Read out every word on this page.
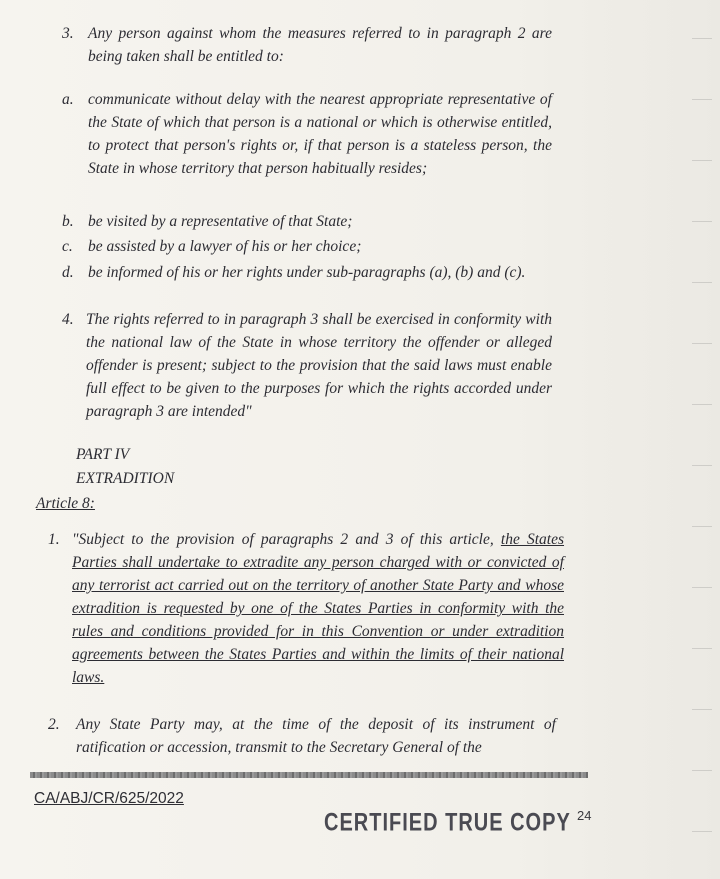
3. Any person against whom the measures referred to in paragraph 2 are being taken shall be entitled to:
a. communicate without delay with the nearest appropriate representative of the State of which that person is a national or which is otherwise entitled, to protect that person's rights or, if that person is a stateless person, the State in whose territory that person habitually resides;
b. be visited by a representative of that State;
c. be assisted by a lawyer of his or her choice;
d. be informed of his or her rights under sub-paragraphs (a), (b) and (c).
4. The rights referred to in paragraph 3 shall be exercised in conformity with the national law of the State in whose territory the offender or alleged offender is present; subject to the provision that the said laws must enable full effect to be given to the purposes for which the rights accorded under paragraph 3 are intended"
PART IV
EXTRADITION
Article 8:
1. "Subject to the provision of paragraphs 2 and 3 of this article, the States Parties shall undertake to extradite any person charged with or convicted of any terrorist act carried out on the territory of another State Party and whose extradition is requested by one of the States Parties in conformity with the rules and conditions provided for in this Convention or under extradition agreements between the States Parties and within the limits of their national laws.
2. Any State Party may, at the time of the deposit of its instrument of ratification or accession, transmit to the Secretary General of the
CA/ABJ/CR/625/2022
CERTIFIED TRUE COPY 24
